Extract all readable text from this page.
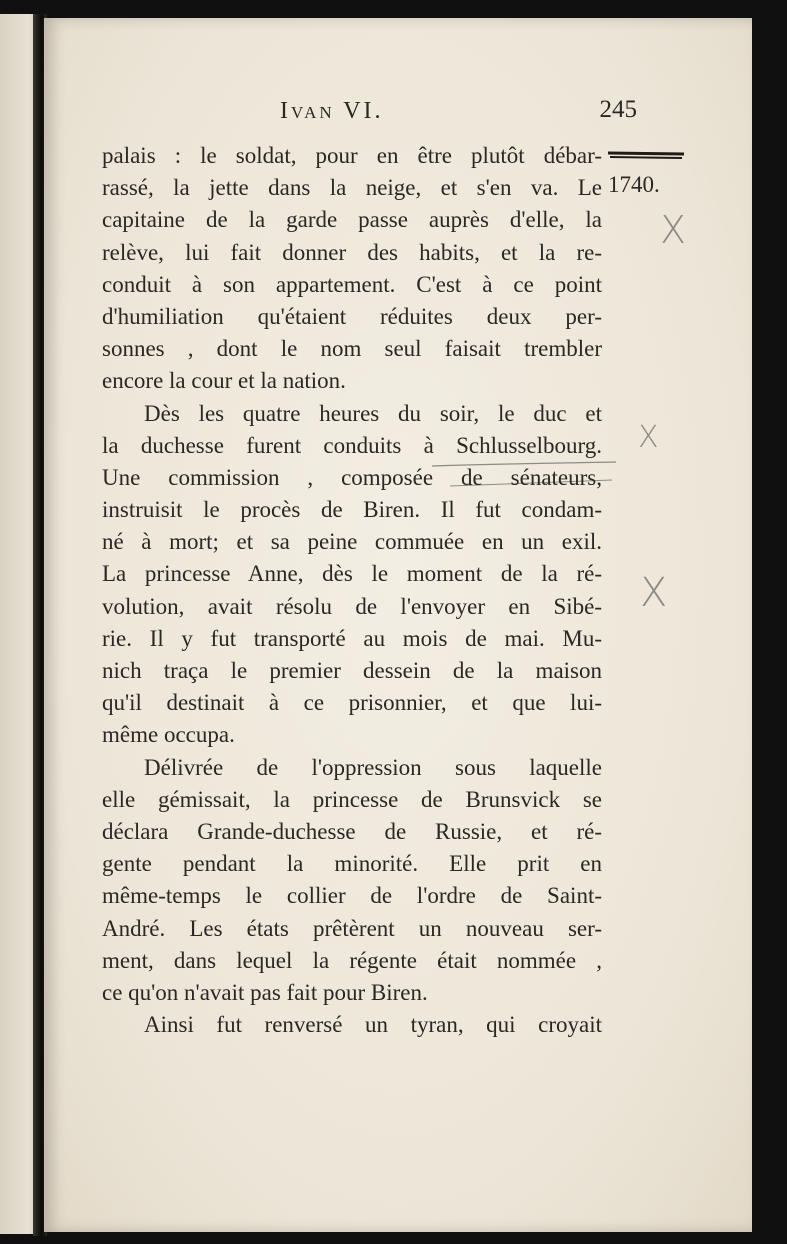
Ivan VI.	245
1740.
X
X
X
palais : le soldat, pour en être plutôt débar-
rassé, la jette dans la neige, et s'en va. Le
capitaine de la garde passe auprès d'elle, la
relève, lui fait donner des habits, et la re-
conduit à son appartement. C'est à ce point
d'humiliation qu'étaient réduites deux per-
sonnes , dont le nom seul faisait trembler
encore la cour et la nation.
Dès les quatre heures du soir, le duc et
la duchesse furent conduits à Schlusselbourg.
Une commission , composée de sénateurs,
instruisit le procès de Biren. Il fut condam-
né à mort; et sa peine commuée en un exil.
La princesse Anne, dès le moment de la ré-
volution, avait résolu de l'envoyer en Sibé-
rie. Il y fut transporté au mois de mai. Mu-
nich traça le premier dessein de la maison
qu'il destinait à ce prisonnier, et que lui-
même occupa.
Délivrée de l'oppression sous laquelle
elle gémissait, la princesse de Brunsvick se
déclara Grande-duchesse de Russie, et ré-
gente pendant la minorité. Elle prit en
même-temps le collier de l'ordre de Saint-
André. Les états prêtèrent un nouveau ser-
ment, dans lequel la régente était nommée ,
ce qu'on n'avait pas fait pour Biren.
Ainsi fut renversé un tyran, qui croyait
